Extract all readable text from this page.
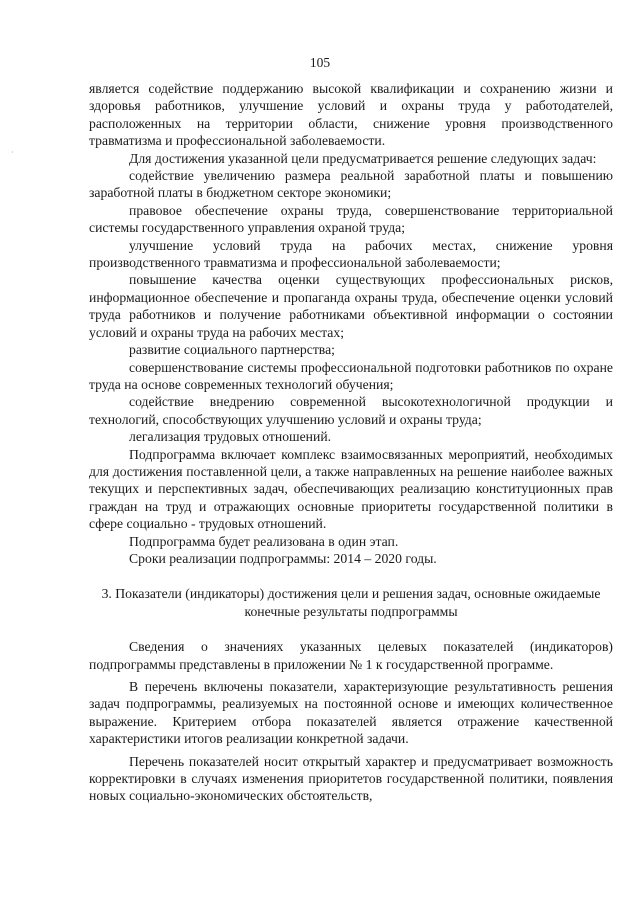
105
·

является содействие поддержанию высокой квалификации и сохранению жизни и здоровья работников, улучшение условий и охраны труда у работодателей, расположенных на территории области, снижение уровня производственного травматизма и профессиональной заболеваемости.

Для достижения указанной цели предусматривается решение следующих задач:

содействие увеличению размера реальной заработной платы и повышению заработной платы в бюджетном секторе экономики;

правовое обеспечение охраны труда, совершенствование территориальной системы государственного управления охраной труда;

улучшение условий труда на рабочих местах, снижение уровня производственного травматизма и профессиональной заболеваемости;

повышение качества оценки существующих профессиональных рисков, информационное обеспечение и пропаганда охраны труда, обеспечение оценки условий труда работников и получение работниками объективной информации о состоянии условий и охраны труда на рабочих местах;

развитие социального партнерства;

совершенствование системы профессиональной подготовки работников по охране труда на основе современных технологий обучения;

содействие внедрению современной высокотехнологичной продукции и технологий, способствующих улучшению условий и охраны труда;

легализация трудовых отношений.

Подпрограмма включает комплекс взаимосвязанных мероприятий, необходимых для достижения поставленной цели, а также направленных на решение наиболее важных текущих и перспективных задач, обеспечивающих реализацию конституционных прав граждан на труд и отражающих основные приоритеты государственной политики в сфере социально - трудовых отношений.

Подпрограмма будет реализована в один этап.

Сроки реализации подпрограммы: 2014 – 2020 годы.

3. Показатели (индикаторы) достижения цели и решения задач, основные ожидаемые конечные результаты подпрограммы

Сведения о значениях указанных целевых показателей (индикаторов) подпрограммы представлены в приложении № 1 к государственной программе.

В перечень включены показатели, характеризующие результативность решения задач подпрограммы, реализуемых на постоянной основе и имеющих количественное выражение. Критерием отбора показателей является отражение качественной характеристики итогов реализации конкретной задачи.

Перечень показателей носит открытый характер и предусматривает возможность корректировки в случаях изменения приоритетов государственной политики, появления новых социально-экономических обстоятельств,
